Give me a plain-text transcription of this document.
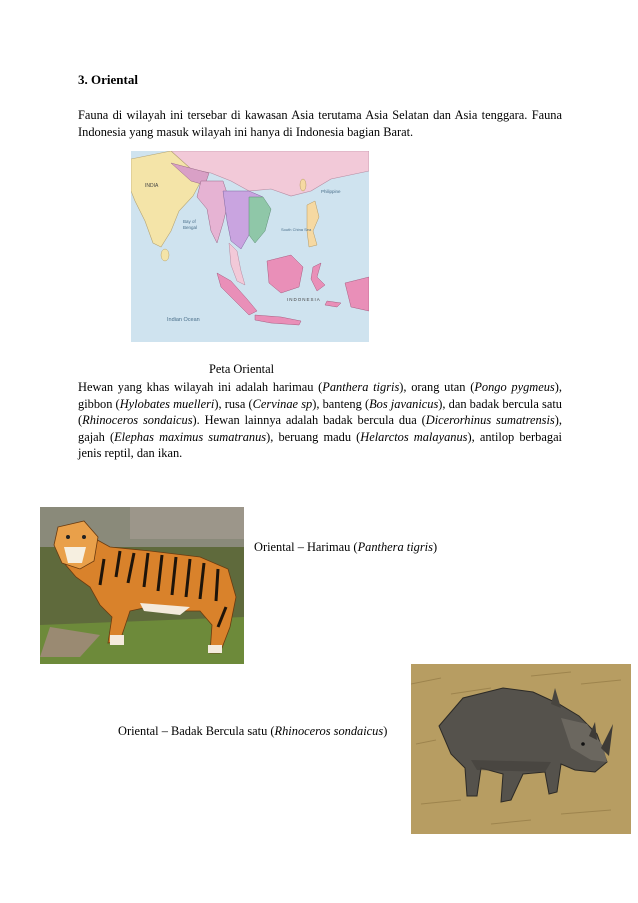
3. Oriental
Fauna di wilayah ini tersebar di kawasan Asia terutama Asia Selatan dan Asia tenggara. Fauna Indonesia yang masuk wilayah ini hanya di Indonesia bagian Barat.
INDIA
Bay of
Bengal
Indian Ocean
Philippine
South China Sea
INDONESIA
Peta Oriental
Hewan yang khas wilayah ini adalah harimau (Panthera tigris), orang utan (Pongo pygmeus), gibbon (Hylobates muelleri), rusa (Cervinae sp), banteng (Bos javanicus), dan badak bercula satu (Rhinoceros sondaicus). Hewan lainnya adalah badak bercula dua (Dicerorhinus sumatrensis), gajah (Elephas maximus sumatranus), beruang madu (Helarctos malayanus), antilop berbagai jenis reptil, dan ikan.
Oriental – Harimau (Panthera tigris)
Oriental – Badak Bercula satu (Rhinoceros sondaicus)
